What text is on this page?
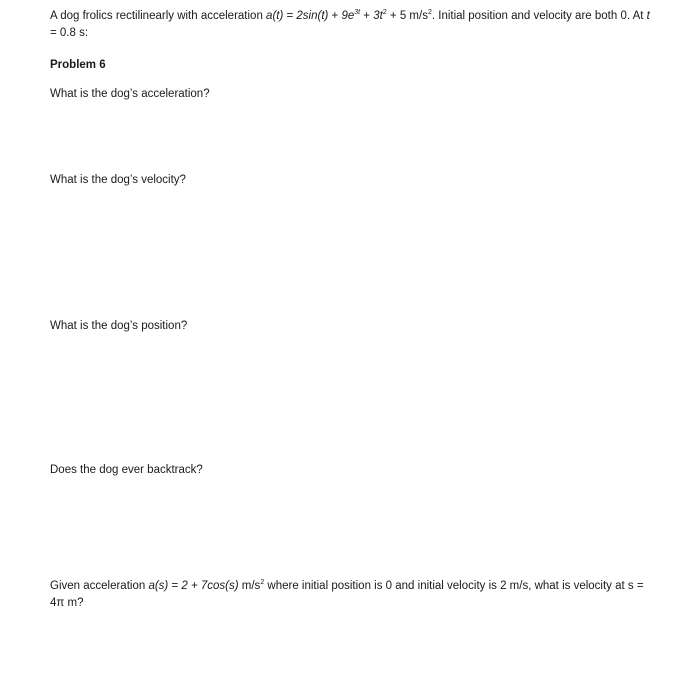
A dog frolics rectilinearly with acceleration $a(t) = 2\sin(t) + 9e^{3t} + 3t^2 + 5$ $m/s^2$. Initial position and velocity are both 0. At t = 0.8 s:
Problem 6
What is the dog’s acceleration?
What is the dog’s velocity?
What is the dog’s position?
Does the dog ever backtrack?
Given acceleration a(s) = 2 + 7cos(s) $m/s^2$ where initial position is 0 and initial velocity is 2 m/s, what is velocity at s = 4π m?
